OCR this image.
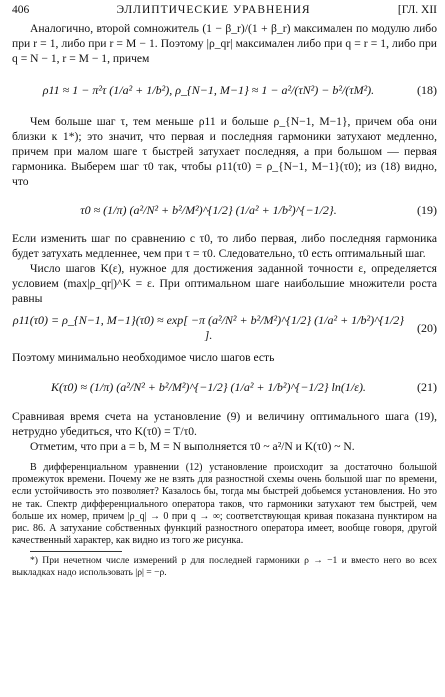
406	ЭЛЛИПТИЧЕСКИЕ УРАВНЕНИЯ	[ГЛ. XII

Аналогично, второй сомножитель (1 − β_r)/(1 + β_r) максимален по модулю либо при r = 1, либо при r = M − 1. Поэтому |ρ_qr| максимален либо при q = r = 1, либо при q = N − 1, r = M − 1, причем

ρ11 ≈ 1 − π²τ (1/a² + 1/b²), ρ_{N−1, M−1} ≈ 1 − a²/(τN²) − b²/(τM²).	(18)

Чем больше шаг τ, тем меньше ρ11 и больше ρ_{N−1, M−1}, причем оба они близки к 1*); это значит, что первая и последняя гармоники затухают медленно, причем при малом шаге τ быстрей затухает последняя, а при большом — первая гармоника. Выберем шаг τ0 так, чтобы ρ11(τ0) = ρ_{N−1, M−1}(τ0); из (18) видно, что

τ0 ≈ (1/π) (a²/N² + b²/M²)^{1/2} (1/a² + 1/b²)^{−1/2}.	(19)

Если изменить шаг по сравнению с τ0, то либо первая, либо последняя гармоника будет затухать медленнее, чем при τ = τ0. Следовательно, τ0 есть оптимальный шаг.

Число шагов K(ε), нужное для достижения заданной точности ε, определяется условием (max|ρ_qr|)^K = ε. При оптимальном шаге наибольшие множители роста равны

ρ11(τ0) = ρ_{N−1, M−1}(τ0) ≈ exp[ −π (a²/N² + b²/M²)^{1/2} (1/a² + 1/b²)^{1/2} ].
(20)

Поэтому минимально необходимое число шагов есть

K(τ0) ≈ (1/π) (a²/N² + b²/M²)^{−1/2} (1/a² + 1/b²)^{−1/2} ln(1/ε).	(21)

Сравнивая время счета на установление (9) и величину оптимального шага (19), нетрудно убедиться, что K(τ0) = T/τ0.

Отметим, что при a = b, M = N выполняется τ0 ~ a²/N и K(τ0) ~ N.

В дифференциальном уравнении (12) установление происходит за достаточно большой промежуток времени. Почему же не взять для разностной схемы очень большой шаг по времени, если устойчивость это позволяет? Казалось бы, тогда мы быстрей добьемся установления. Но это не так. Спектр дифференциального оператора таков, что гармоники затухают тем быстрей, чем больше их номер, причем |ρ_q| → 0 при q → ∞; соответствующая кривая показана пунктиром на рис. 86. А затухание собственных функций разностного оператора имеет, вообще говоря, другой качественный характер, как видно из того же рисунка.

*) При нечетном числе измерений p для последней гармоники ρ → −1 и вместо него во всех выкладках надо использовать |ρ| = −ρ.
